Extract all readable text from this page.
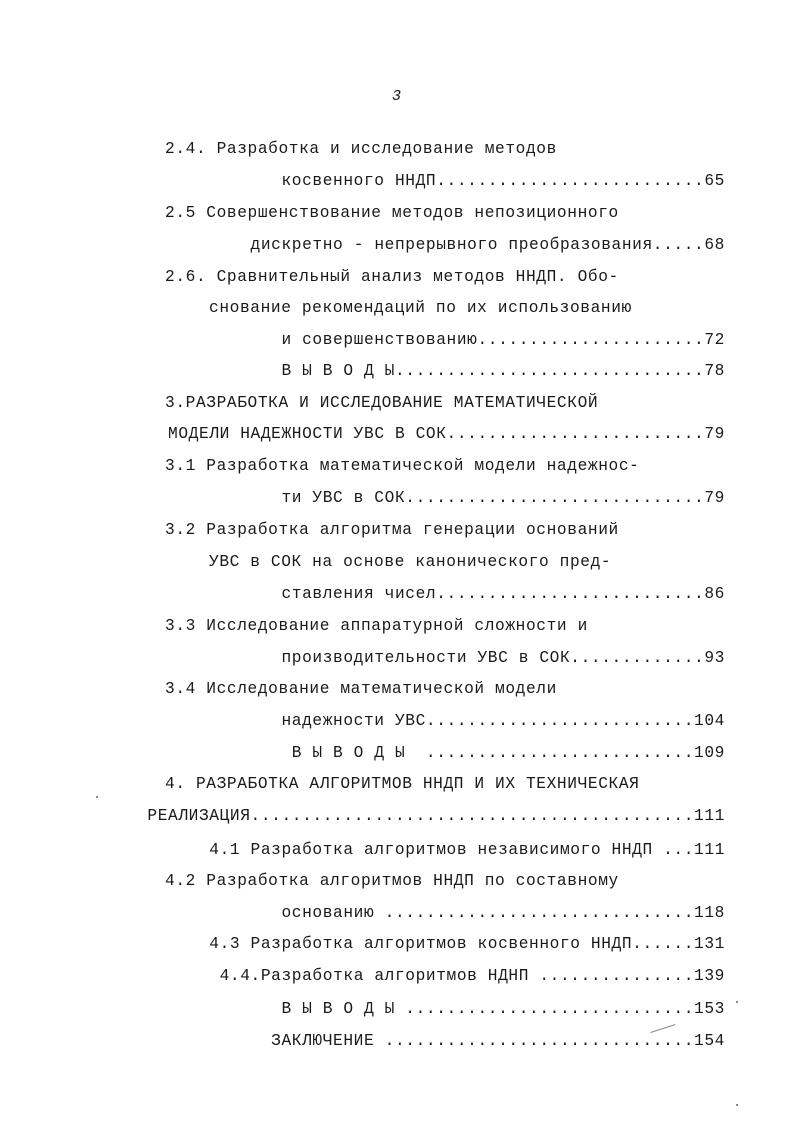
3
2.4. Разработка и исследование методов
косвенного ННДП..........................65
2.5 Совершенствование методов непозиционного
дискретно - непрерывного преобразования.....68
2.6. Сравнительный анализ методов ННДП. Обо-
снование рекомендаций по их использованию
и совершенствованию......................72
В Ы В О Д Ы..............................78
3.РАЗРАБОТКА И ИССЛЕДОВАНИЕ МАТЕМАТИЧЕСКОЙ
МОДЕЛИ НАДЕЖНОСТИ УВС В СОК.........................79
3.1 Разработка математической модели надежнос-
ти УВС в СОК.............................79
3.2 Разработка алгоритма генерации оснований
УВС в СОК на основе канонического пред-
ставления чисел..........................86
3.3 Исследование аппаратурной сложности и
производительности УВС в СОК.............93
3.4 Исследование математической модели
надежности УВС..........................104
В Ы В О Д Ы  ..........................109
4. РАЗРАБОТКА АЛГОРИТМОВ ННДП И ИХ ТЕХНИЧЕСКАЯ
РЕАЛИЗАЦИЯ...........................................111
4.1 Разработка алгоритмов независимого ННДП ...111
4.2 Разработка алгоритмов ННДП по составному
основанию ..............................118
4.3 Разработка алгоритмов косвенного ННДП......131
4.4.Разработка алгоритмов НДНП ...............139
В Ы В О Д Ы ............................153
ЗАКЛЮЧЕНИЕ ..............................154
